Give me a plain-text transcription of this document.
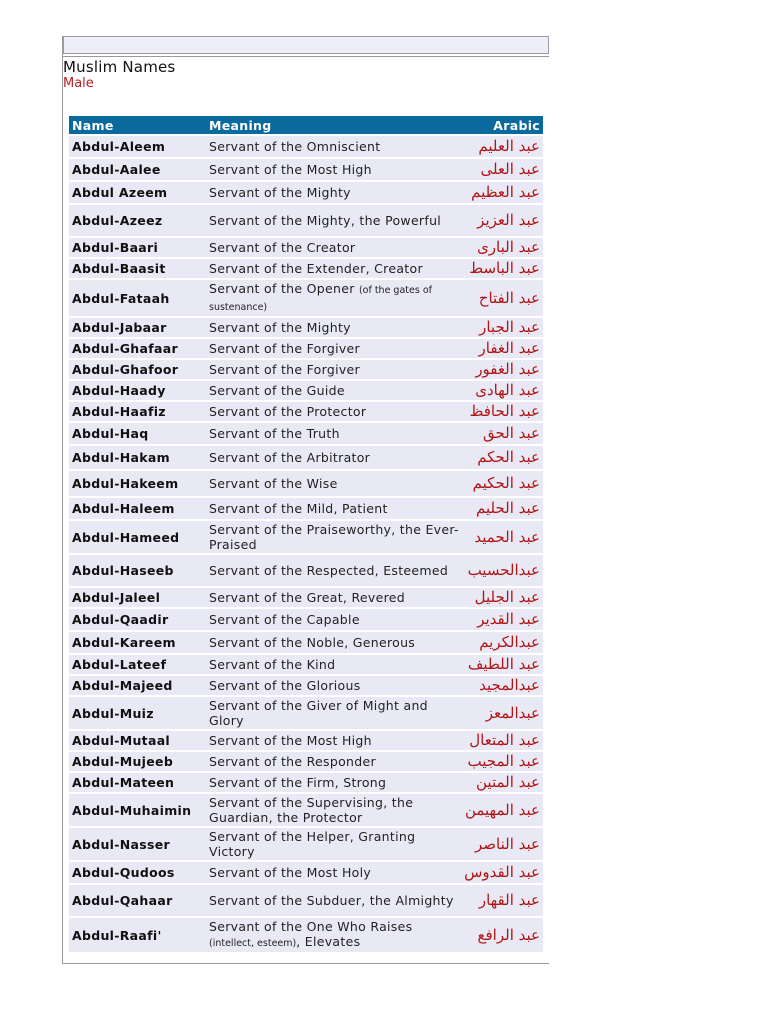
Muslim Names
Male
Name	Meaning	Arabic
Abdul-Aleem	Servant of the Omniscient	عبد العليم
Abdul-Aalee	Servant of the Most High	عبد العلى
Abdul Azeem	Servant of the Mighty	عبد العظيم
Abdul-Azeez	Servant of the Mighty, the Powerful	عبد العزيز
Abdul-Baari	Servant of the Creator	عبد البارى
Abdul-Baasit	Servant of the Extender, Creator	عبد الباسط
Abdul-Fataah	Servant of the Opener (of the gates of sustenance)	عبد الفتاح
Abdul-Jabaar	Servant of the Mighty	عبد الجبار
Abdul-Ghafaar	Servant of the Forgiver	عبد الغفار
Abdul-Ghafoor	Servant of the Forgiver	عبد الغفور
Abdul-Haady	Servant of the Guide	عبد الهادى
Abdul-Haafiz	Servant of the Protector	عبد الحافظ
Abdul-Haq	Servant of the Truth	عبد الحق
Abdul-Hakam	Servant of the Arbitrator	عبد الحكم
Abdul-Hakeem	Servant of the Wise	عبد الحكيم
Abdul-Haleem	Servant of the Mild, Patient	عبد الحليم
Abdul-Hameed	Servant of the Praiseworthy, the Ever-Praised	عبد الحميد
Abdul-Haseeb	Servant of the Respected, Esteemed	عبدالحسيب
Abdul-Jaleel	Servant of the Great, Revered	عبد الجليل
Abdul-Qaadir	Servant of the Capable	عبد القدير
Abdul-Kareem	Servant of the Noble, Generous	عبدالكريم
Abdul-Lateef	Servant of the Kind	عبد اللطيف
Abdul-Majeed	Servant of the Glorious	عبدالمجيد
Abdul-Muiz	Servant of the Giver of Might and Glory	عبدالمعز
Abdul-Mutaal	Servant of the Most High	عبد المتعال
Abdul-Mujeeb	Servant of the Responder	عبد المجيب
Abdul-Mateen	Servant of the Firm, Strong	عبد المتين
Abdul-Muhaimin	Servant of the Supervising, the Guardian, the Protector	عبد المهيمن
Abdul-Nasser	Servant of the Helper, Granting Victory	عبد الناصر
Abdul-Qudoos	Servant of the Most Holy	عبد القدوس
Abdul-Qahaar	Servant of the Subduer, the Almighty	عبد القهار
Abdul-Raafi'	Servant of the One Who Raises (intellect, esteem), Elevates	عبد الرافع
